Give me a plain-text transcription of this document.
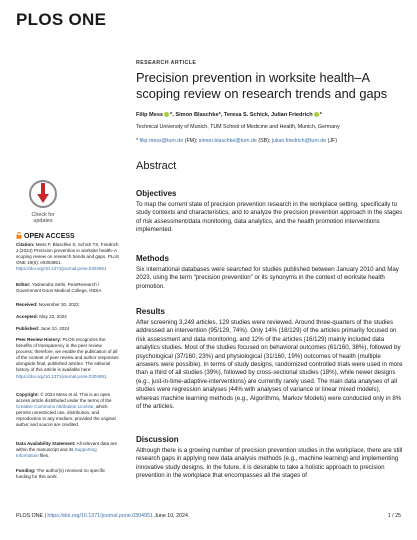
PLOS ONE
RESEARCH ARTICLE
Precision prevention in worksite health–A scoping review on research trends and gaps
Filip Mess *, Simon Blaschke*, Teresa S. Schick, Julian Friedrich *
Technical University of Munich, TUM School of Medicine and Health, Munich, Germany
* filip.mess@tum.de (FM); simon.blaschke@tum.de (SB); julian.friedrich@tum.de (JF)
Abstract
Objectives
To map the current state of precision prevention research in the workplace setting, specifically to study contexts and characteristics, and to analyze the precision prevention approach in the stages of risk assessment/data monitoring, data analytics, and the health promotion interventions implemented.
Methods
Six international databases were searched for studies published between January 2010 and May 2023, using the term “precision prevention” or its synonyms in the context of worksite health promotion.
Results
After screening 3,249 articles, 129 studies were reviewed. Around three-quarters of the studies addressed an intervention (95/129, 74%). Only 14% (18/129) of the articles primarily focused on risk assessment and data monitoring, and 12% of the articles (16/129) mainly included data analytics studies. Most of the studies focused on behavioral outcomes (61/160, 38%), followed by psychological (37/160, 23%) and physiological (31/160, 19%) outcomes of health (multiple answers were possible). In terms of study designs, randomized controlled trials were used in more than a third of all studies (39%), followed by cross-sectional studies (18%), while newer designs (e.g., just-in-time-adaptive-interventions) are currently rarely used. The main data analyses of all studies were regression analyses (44% with analyses of variance or linear mixed models), whereas machine learning methods (e.g., Algorithms, Markov Models) were conducted only in 8% of the articles.
Discussion
Although there is a growing number of precision prevention studies in the workplace, there are still research gaps in applying new data analysis methods (e.g., machine learning) and implementing innovative study designs. In the future, it is desirable to take a holistic approach to precision prevention in the workplace that encompasses all the stages of
Check for updates
OPEN ACCESS
Citation: Mess F, Blaschke S, Schick TS, Friedrich J (2024) Precision prevention in worksite health–A scoping review on research trends and gaps. PLoS ONE 19(6): e0304951. https://doi.org/10.1371/journal.pone.0304951
Editor: Yashendra Sethi, PearResearch / Government Doon Medical College, INDIA
Received: November 30, 2023
Accepted: May 22, 2024
Published: June 10, 2024
Peer Review History: PLOS recognizes the benefits of transparency in the peer review process; therefore, we enable the publication of all of the content of peer review and author responses alongside final, published articles. The editorial history of this article is available here: https://doi.org/10.1371/journal.pone.0304951
Copyright: © 2024 Mess et al. This is an open access article distributed under the terms of the Creative Commons Attribution License, which permits unrestricted use, distribution, and reproduction in any medium, provided the original author and source are credited.
Data Availability Statement: All relevant data are within the manuscript and its Supporting Information files.
Funding: The author(s) received no specific funding for this work.
PLOS ONE | https://doi.org/10.1371/journal.pone.0304951 June 10, 2024	1 / 25
